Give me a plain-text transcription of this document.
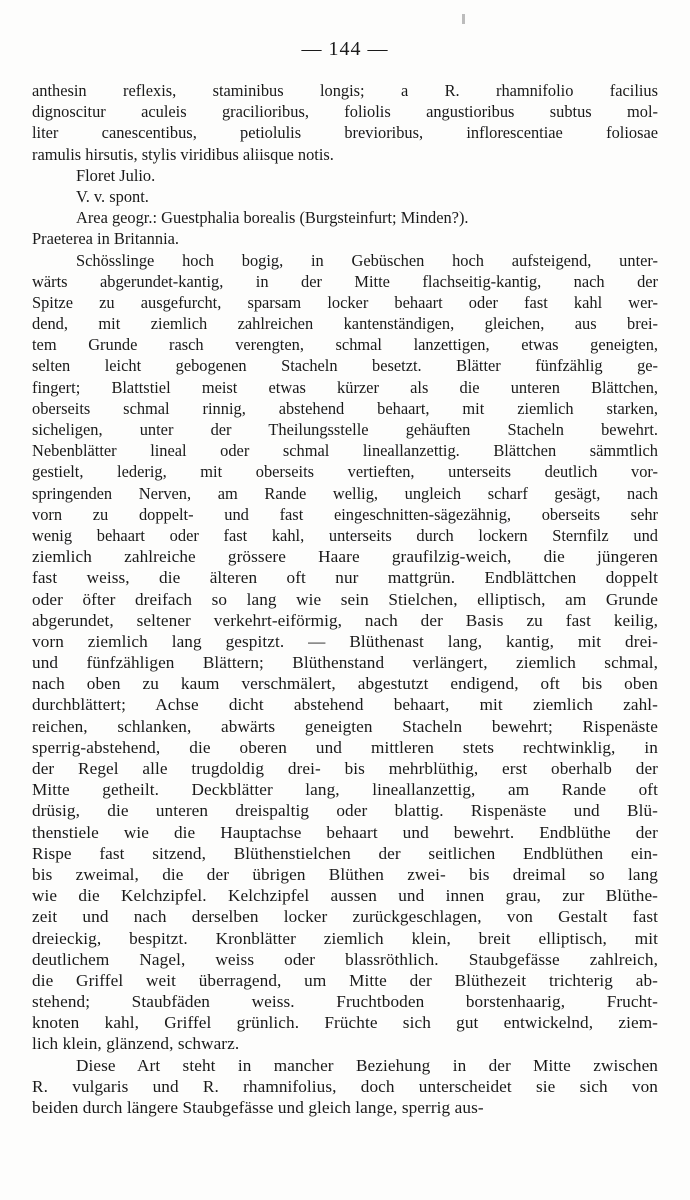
— 144 —
anthesin reflexis, staminibus longis; a R. rhamnifolio facilius
dignoscitur aculeis gracilioribus, foliolis angustioribus subtus mol-
liter canescentibus, petiolulis brevioribus, inflorescentiae foliosae
ramulis hirsutis, stylis viridibus aliisque notis.
Floret Julio.
V. v. spont.
Area geogr.: Guestphalia borealis (Burgsteinfurt; Minden?).
Praeterea in Britannia.
Schösslinge hoch bogig, in Gebüschen hoch aufsteigend, unter-
wärts abgerundet-kantig, in der Mitte flachseitig-kantig, nach der
Spitze zu ausgefurcht, sparsam locker behaart oder fast kahl wer-
dend, mit ziemlich zahlreichen kantenständigen, gleichen, aus brei-
tem Grunde rasch verengten, schmal lanzettigen, etwas geneigten,
selten leicht gebogenen Stacheln besetzt. Blätter fünfzählig ge-
fingert; Blattstiel meist etwas kürzer als die unteren Blättchen,
oberseits schmal rinnig, abstehend behaart, mit ziemlich starken,
sicheligen, unter der Theilungsstelle gehäuften Stacheln bewehrt.
Nebenblätter lineal oder schmal lineallanzettig. Blättchen sämmtlich
gestielt, lederig, mit oberseits vertieften, unterseits deutlich vor-
springenden Nerven, am Rande wellig, ungleich scharf gesägt, nach
vorn zu doppelt- und fast eingeschnitten-sägezähnig, oberseits sehr
wenig behaart oder fast kahl, unterseits durch lockern Sternfilz und
ziemlich zahlreiche grössere Haare graufilzig-weich, die jüngeren
fast weiss, die älteren oft nur mattgrün. Endblättchen doppelt
oder öfter dreifach so lang wie sein Stielchen, elliptisch, am Grunde
abgerundet, seltener verkehrt-eiförmig, nach der Basis zu fast keilig,
vorn ziemlich lang gespitzt. — Blüthenast lang, kantig, mit drei-
und fünfzähligen Blättern; Blüthenstand verlängert, ziemlich schmal,
nach oben zu kaum verschmälert, abgestutzt endigend, oft bis oben
durchblättert; Achse dicht abstehend behaart, mit ziemlich zahl-
reichen, schlanken, abwärts geneigten Stacheln bewehrt; Rispenäste
sperrig-abstehend, die oberen und mittleren stets rechtwinklig, in
der Regel alle trugdoldig drei- bis mehrblüthig, erst oberhalb der
Mitte getheilt. Deckblätter lang, lineallanzettig, am Rande oft
drüsig, die unteren dreispaltig oder blattig. Rispenäste und Blü-
thenstiele wie die Hauptachse behaart und bewehrt. Endblüthe der
Rispe fast sitzend, Blüthenstielchen der seitlichen Endblüthen ein-
bis zweimal, die der übrigen Blüthen zwei- bis dreimal so lang
wie die Kelchzipfel. Kelchzipfel aussen und innen grau, zur Blüthe-
zeit und nach derselben locker zurückgeschlagen, von Gestalt fast
dreieckig, bespitzt. Kronblätter ziemlich klein, breit elliptisch, mit
deutlichem Nagel, weiss oder blassröthlich. Staubgefässe zahlreich,
die Griffel weit überragend, um Mitte der Blüthezeit trichterig ab-
stehend; Staubfäden weiss. Fruchtboden borstenhaarig, Frucht-
knoten kahl, Griffel grünlich. Früchte sich gut entwickelnd, ziem-
lich klein, glänzend, schwarz.
Diese Art steht in mancher Beziehung in der Mitte zwischen
R. vulgaris und R. rhamnifolius, doch unterscheidet sie sich von
beiden durch längere Staubgefässe und gleich lange, sperrig aus-
